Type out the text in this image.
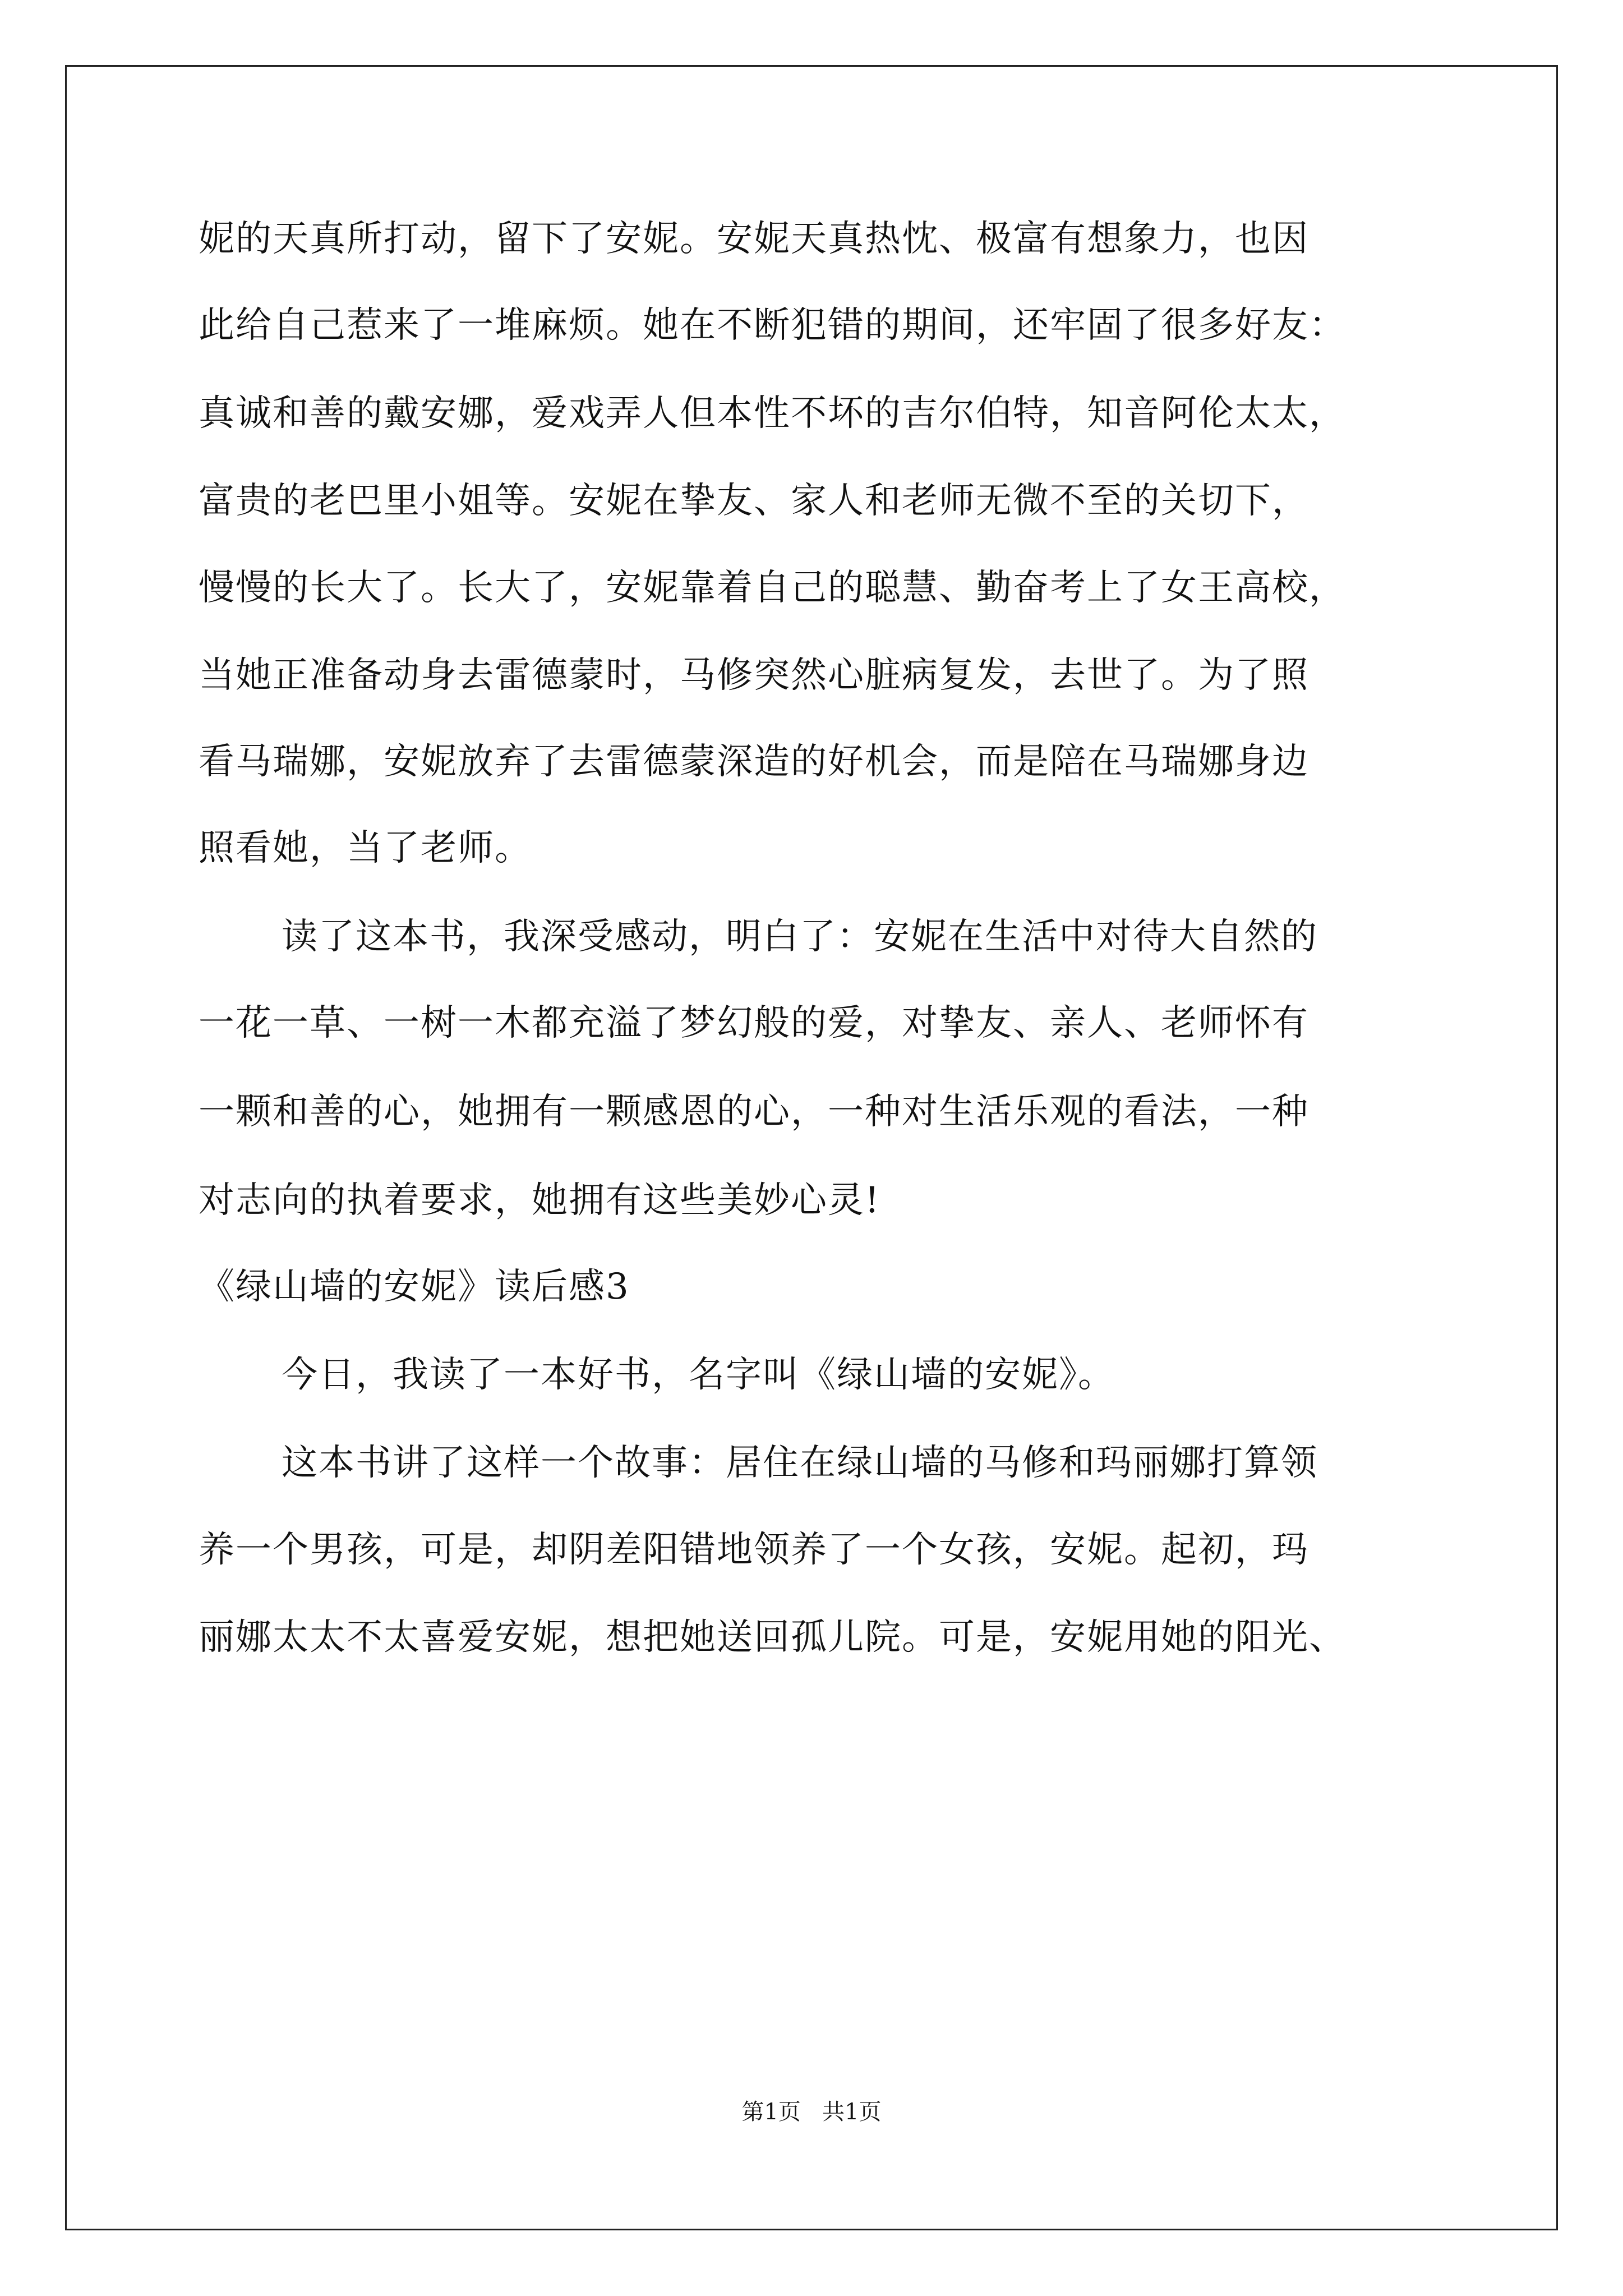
妮的天真所打动，留下了安妮。安妮天真热忱、极富有想象力，也因
此给自己惹来了一堆麻烦。她在不断犯错的期间，还牢固了很多好友：
真诚和善的戴安娜，爱戏弄人但本性不坏的吉尔伯特，知音阿伦太太，
富贵的老巴里小姐等。安妮在挚友、家人和老师无微不至的关切下，
慢慢的长大了。长大了，安妮靠着自己的聪慧、勤奋考上了女王高校，
当她正准备动身去雷德蒙时，马修突然心脏病复发，去世了。为了照
看马瑞娜，安妮放弃了去雷德蒙深造的好机会，而是陪在马瑞娜身边
照看她，当了老师。
读了这本书，我深受感动，明白了：安妮在生活中对待大自然的
一花一草、一树一木都充溢了梦幻般的爱，对挚友、亲人、老师怀有
一颗和善的心，她拥有一颗感恩的心，一种对生活乐观的看法，一种
对志向的执着要求，她拥有这些美妙心灵!
《绿山墙的安妮》读后感3
今日，我读了一本好书，名字叫《绿山墙的安妮》。
这本书讲了这样一个故事：居住在绿山墙的马修和玛丽娜打算领
养一个男孩，可是，却阴差阳错地领养了一个女孩，安妮。起初，玛
丽娜太太不太喜爱安妮，想把她送回孤儿院。可是，安妮用她的阳光、
第1页   共1页
